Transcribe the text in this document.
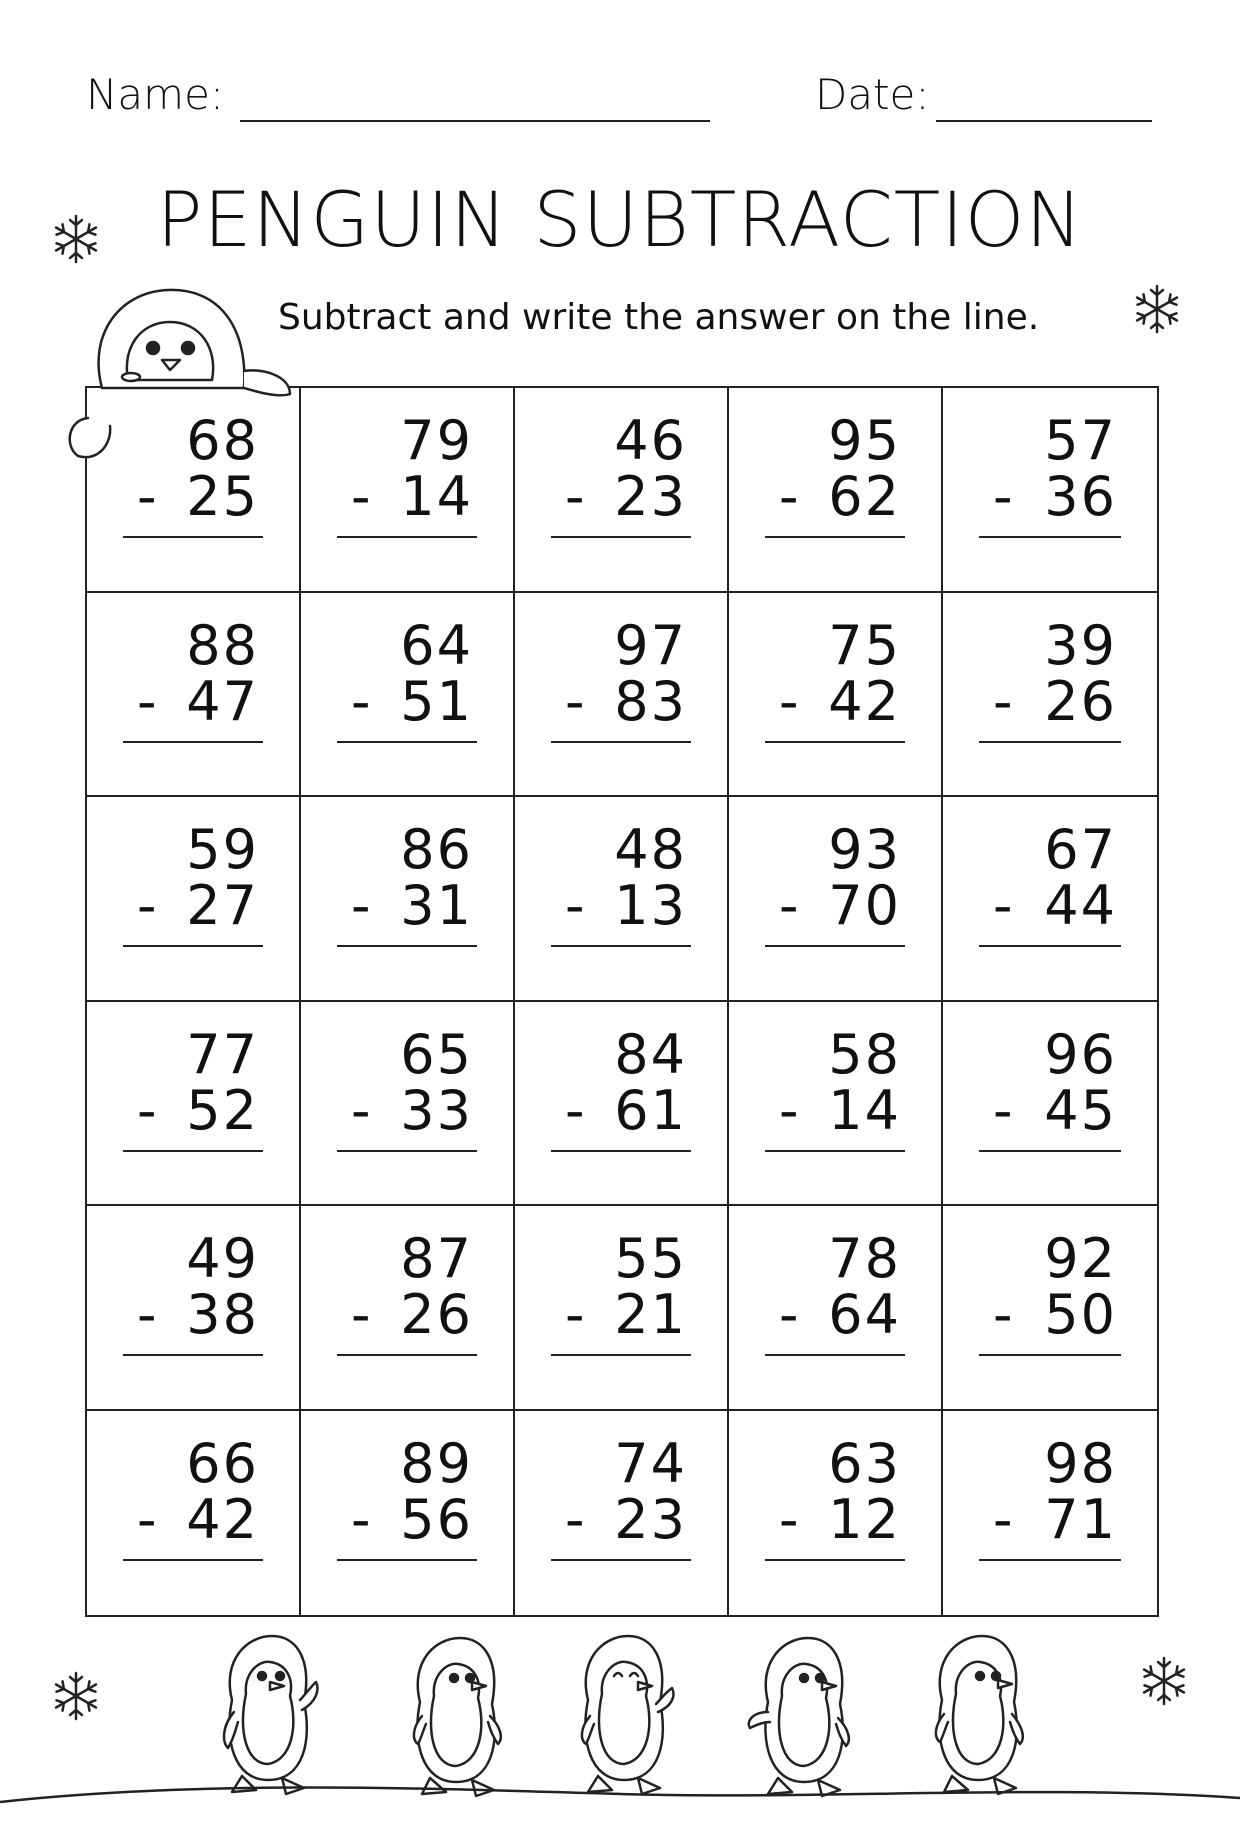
Name:	Date:
PENGUIN SUBTRACTION
Subtract and write the answer on the line.
68
- 25
79
- 14
46
- 23
95
- 62
57
- 36
88
- 47
64
- 51
97
- 83
75
- 42
39
- 26
59
- 27
86
- 31
48
- 13
93
- 70
67
- 44
77
- 52
65
- 33
84
- 61
58
- 14
96
- 45
49
- 38
87
- 26
55
- 21
78
- 64
92
- 50
66
- 42
89
- 56
74
- 23
63
- 12
98
- 71
